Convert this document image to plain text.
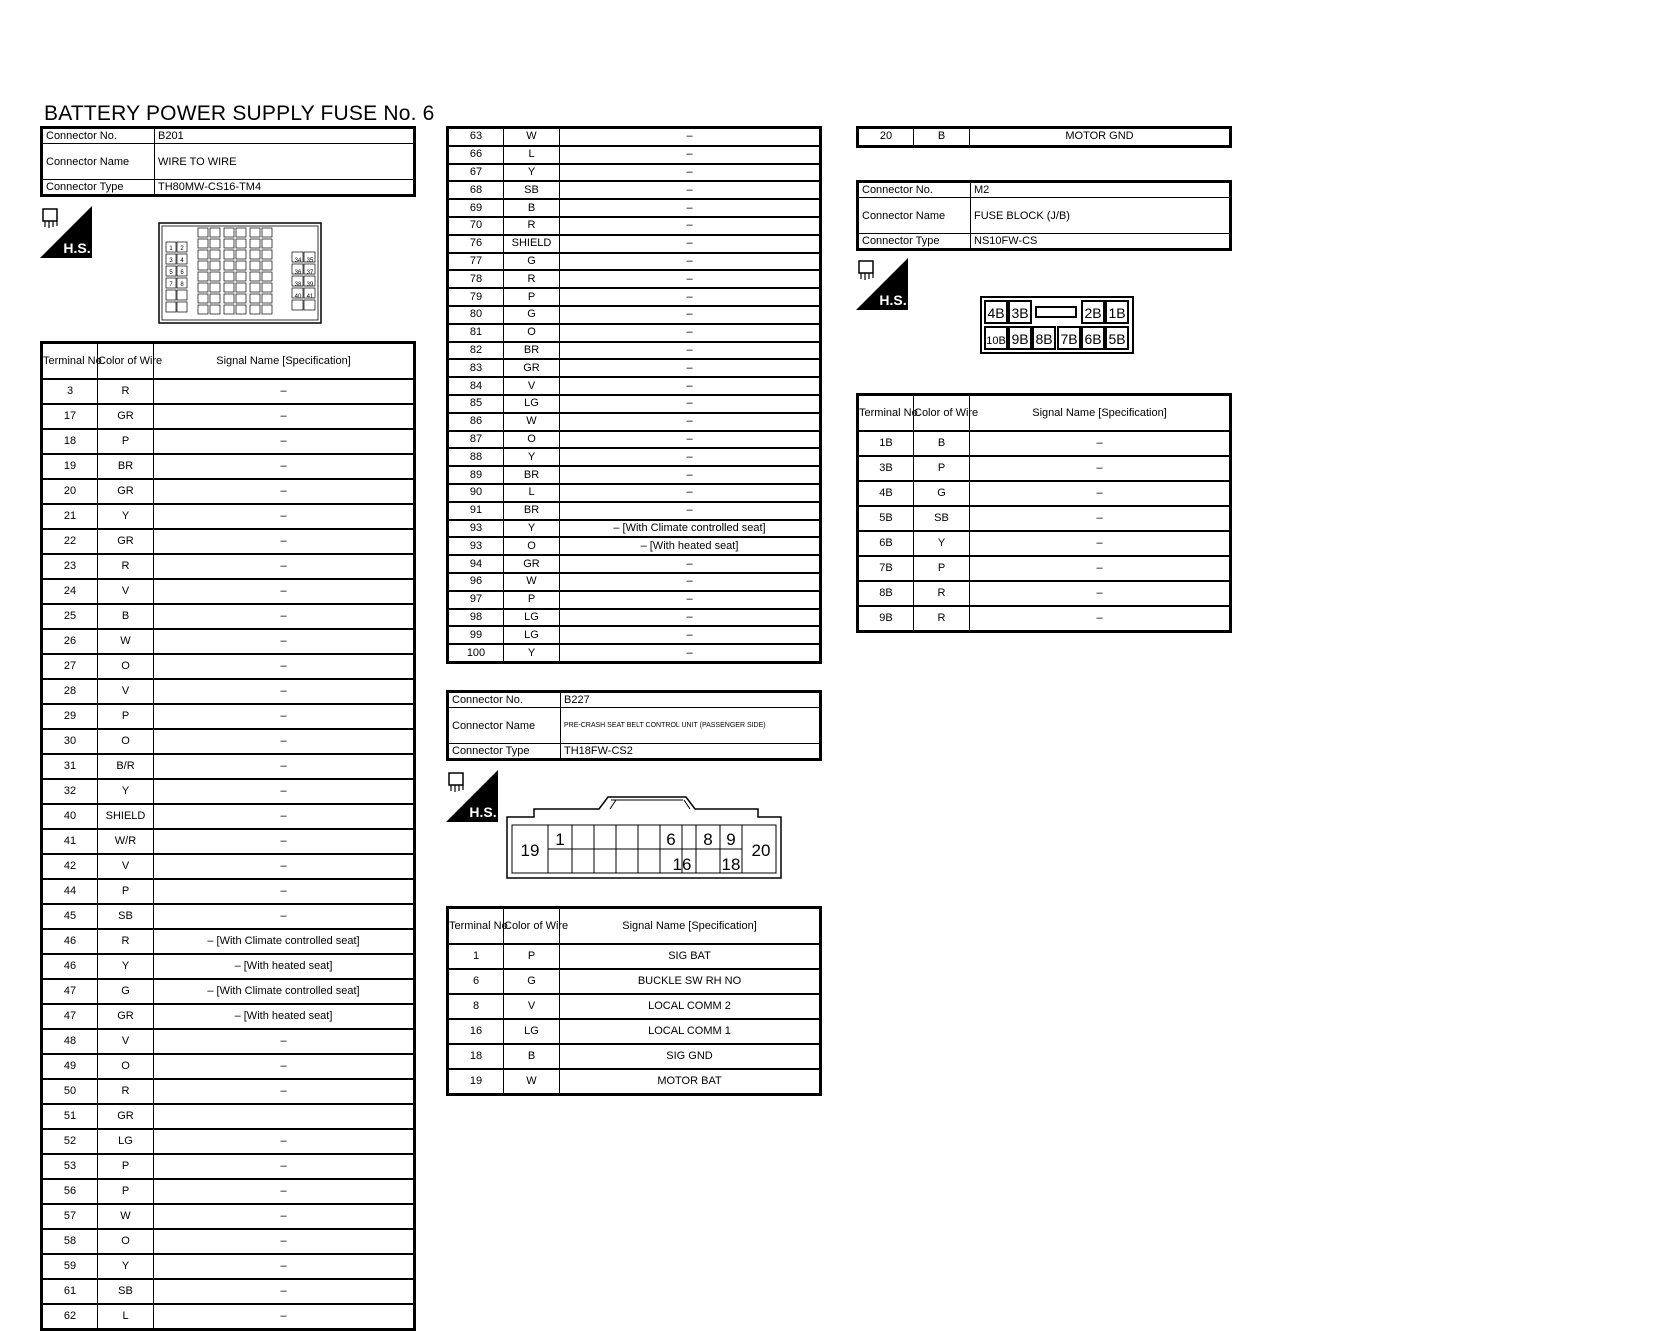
BATTERY POWER SUPPLY FUSE No. 6
Connector No.	B201
Connector Name	WIRE TO WIRE
Connector Type	TH80MW-CS16-TM4
H.S.	1 2
3 4
5 6
7 8
34 35
36 37
38 39
40 41
Terminal No.	Color of Wire	Signal Name [Specification]
3	R	–
17	GR	–
18	P	–
19	BR	–
20	GR	–
21	Y	–
22	GR	–
23	R	–
24	V	–
25	B	–
26	W	–
27	O	–
28	V	–
29	P	–
30	O	–
31	B/R	–
32	Y	–
40	SHIELD	–
41	W/R	–
42	V	–
44	P	–
45	SB	–
46	R	– [With Climate controlled seat]
46	Y	– [With heated seat]
47	G	– [With Climate controlled seat]
47	GR	– [With heated seat]
48	V	–
49	O	–
50	R	–
51	GR	
52	LG	–
53	P	–
56	P	–
57	W	–
58	O	–
59	Y	–
61	SB	–
62	L	–
63	W	–
66	L	–
67	Y	–
68	SB	–
69	B	–
70	R	–
76	SHIELD	–
77	G	–
78	R	–
79	P	–
80	G	–
81	O	–
82	BR	–
83	GR	–
84	V	–
85	LG	–
86	W	–
87	O	–
88	Y	–
89	BR	–
90	L	–
91	BR	–
93	Y	– [With Climate controlled seat]
93	O	– [With heated seat]
94	GR	–
96	W	–
97	P	–
98	LG	–
99	LG	–
100	Y	–
Connector No.	B227
Connector Name	PRE-CRASH SEAT BELT CONTROL UNIT (PASSENGER SIDE)
Connector Type	TH18FW-CS2
H.S.
19
1	6 8 9
16 18
20
Terminal No.	Color of Wire	Signal Name [Specification]
1	P	SIG BAT
6	G	BUCKLE SW RH NO
8	V	LOCAL COMM 2
16	LG	LOCAL COMM 1
18	B	SIG GND
19	W	MOTOR BAT
20	B	MOTOR GND
Connector No.	M2
Connector Name	FUSE BLOCK (J/B)
Connector Type	NS10FW-CS
H.S.
4B 3B	2B 1B
10B 9B 8B 7B 6B 5B
Terminal No.	Color of Wire	Signal Name [Specification]
1B	B	–
3B	P	–
4B	G	–
5B	SB	–
6B	Y	–
7B	P	–
8B	R	–
9B	R	–
